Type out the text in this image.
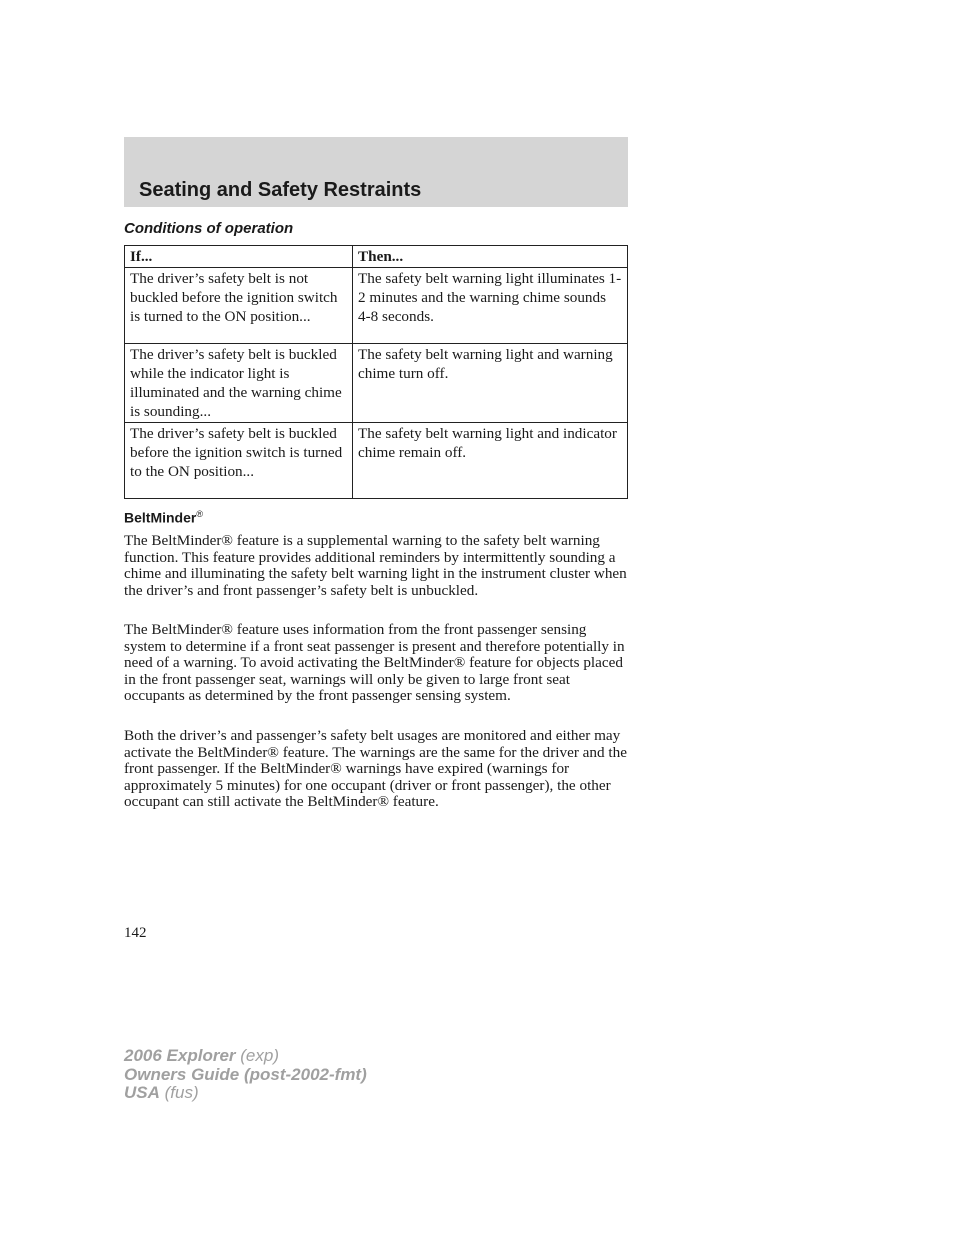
Seating and Safety Restraints
Conditions of operation
If...	Then...
The driver’s safety belt is not buckled before the ignition switch is turned to the ON position...	The safety belt warning light illuminates 1-2 minutes and the warning chime sounds 4-8 seconds.
The driver’s safety belt is buckled while the indicator light is illuminated and the warning chime is sounding...	The safety belt warning light and warning chime turn off.
The driver’s safety belt is buckled before the ignition switch is turned to the ON position...	The safety belt warning light and indicator chime remain off.
BeltMinder®

The BeltMinder® feature is a supplemental warning to the safety belt warning function. This feature provides additional reminders by intermittently sounding a chime and illuminating the safety belt warning light in the instrument cluster when the driver’s and front passenger’s safety belt is unbuckled.

The BeltMinder® feature uses information from the front passenger sensing system to determine if a front seat passenger is present and therefore potentially in need of a warning. To avoid activating the BeltMinder® feature for objects placed in the front passenger seat, warnings will only be given to large front seat occupants as determined by the front passenger sensing system.

Both the driver’s and passenger’s safety belt usages are monitored and either may activate the BeltMinder® feature. The warnings are the same for the driver and the front passenger. If the BeltMinder® warnings have expired (warnings for approximately 5 minutes) for one occupant (driver or front passenger), the other occupant can still activate the BeltMinder® feature.

142

2006 Explorer (exp)
Owners Guide (post-2002-fmt)
USA (fus)
